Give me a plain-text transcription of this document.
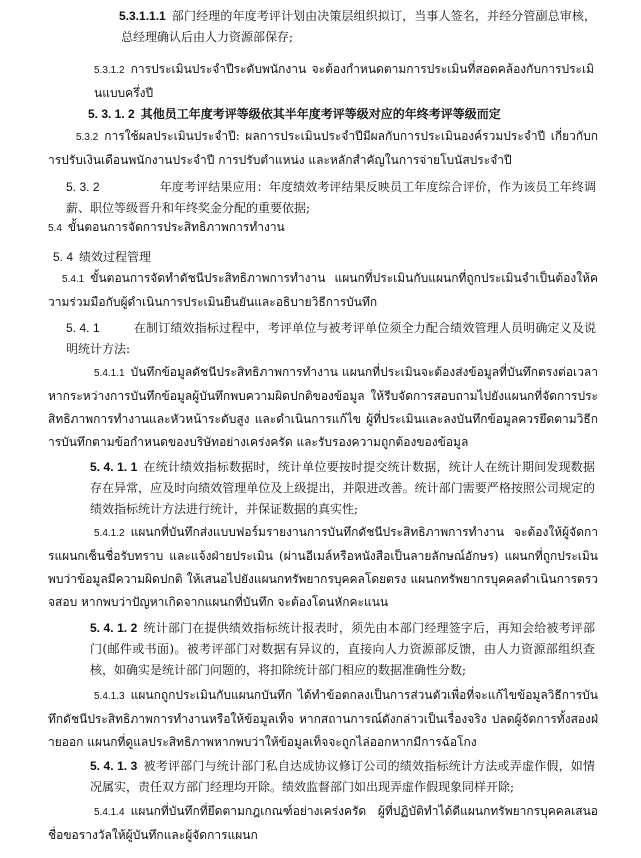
5.3.1.1.1 部门经理的年度考评计划由决策层组织拟订，当事人签名，并经分管副总审核，总经理确认后由人力资源部保存;

5.3.1.2 การประเมินประจำปีระดับพนักงาน จะต้องกำหนดตามการประเมินที่สอดคล้องกับการประเมินแบบครึ่งปี

5. 3. 1. 2 其他员工年度考评等级依其半年度考评等级对应的年终考评等级而定

5.3.2 การใช้ผลประเมินประจำปี: ผลการประเมินประจำปีมีผลกับการประเมินองค์รวมประจำปี เกี่ยวกับการปรับเงินเดือนพนักงานประจำปี การปรับตำแหน่ง และหลักสำคัญในการจ่ายโบนัสประจำปี

5. 3. 2	年度考评结果应用：年度绩效考评结果反映员工年度综合评价，作为该员工年终调薪、职位等级晋升和年终奖金分配的重要依据;

5.4 ขั้นตอนการจัดการประสิทธิภาพการทำงาน

5. 4 绩效过程管理

5.4.1 ขั้นตอนการจัดทำดัชนีประสิทธิภาพการทำงาน แผนกที่ประเมินกับแผนกที่ถูกประเมินจำเป็นต้องให้ความร่วมมือกับผู้ดำเนินการประเมินยืนยันและอธิบายวิธีการบันทึก

5. 4. 1	在制订绩效指标过程中，考评单位与被考评单位须全力配合绩效管理人员明确定义及说明统计方法:

5.4.1.1 บันทึกข้อมูลดัชนีประสิทธิภาพการทำงาน แผนกที่ประเมินจะต้องส่งข้อมูลที่บันทึกตรงต่อเวลา หากระหว่างการบันทึกข้อมูลผู้บันทึกพบความผิดปกติของข้อมูล ให้รีบจัดการสอบถามไปยังแผนกที่จัดการประสิทธิภาพการทำงานและหัวหน้าระดับสูง และดำเนินการแก้ไข ผู้ที่ประเมินและลงบันทึกข้อมูลควรยึดตามวิธีการบันทึกตามข้อกำหนดของบริษัทอย่างเคร่งครัด และรับรองความถูกต้องของข้อมูล

5. 4. 1. 1 在统计绩效指标数据时，统计单位要按时提交统计数据，统计人在统计期间发现数据存在异常，应及时向绩效管理单位及上级提出，并限进改善。统计部门需要严格按照公司规定的绩效指标统计方法进行统计，并保证数据的真实性;

5.4.1.2 แผนกที่บันทึกส่งแบบฟอร์มรายงานการบันทึกดัชนีประสิทธิภาพการทำงาน จะต้องให้ผู้จัดการแผนกเซ็นชื่อรับทราบ และแจ้งฝ่ายประเมิน (ผ่านอีเมล์หรือหนังสือเป็นลายลักษณ์อักษร) แผนกที่ถูกประเมินพบว่าข้อมูลมีความผิดปกติ ให้เสนอไปยังแผนกทรัพยากรบุคคลโดยตรง แผนกทรัพยากรบุคคลดำเนินการตรวจสอบ หากพบว่าปัญหาเกิดจากแผนกที่บันทึก จะต้องโดนหักคะแนน

5. 4. 1. 2 统计部门在提供绩效指标统计报表时，须先由本部门经理签字后，再知会给被考评部门(邮件或书面)。被考评部门对数据有异议的，直接向人力资源部反馈，由人力资源部组织查核，如确实是统计部门问题的，将扣除统计部门相应的数据准确性分数;

5.4.1.3 แผนกถูกประเมินกับแผนกบันทึก ได้ทำข้อตกลงเป็นการส่วนตัวเพื่อที่จะแก้ไขข้อมูลวิธีการบันทึกดัชนีประสิทธิภาพการทำงานหรือให้ข้อมูลเท็จ หากสถานการณ์ดังกล่าวเป็นเรื่องจริง ปลดผู้จัดการทั้งสองฝ่ายออก แผนกที่ดูแลประสิทธิภาพหากพบว่าให้ข้อมูลเท็จจะถูกไล่ออกหากมีการฉ้อโกง

5. 4. 1. 3 被考评部门与统计部门私自达成协议修订公司的绩效指标统计方法或弄虚作假，如情况属实，责任双方部门经理均开除。绩效监督部门如出现弄虚作假现象同样开除;

5.4.1.4 แผนกที่บันทึกที่ยึดตามกฎเกณฑ์อย่างเคร่งครัด ผู้ที่ปฏิบัติทำได้ดีแผนกทรัพยากรบุคคลเสนอชื่อขอรางวัลให้ผู้บันทึกและผู้จัดการแผนก
